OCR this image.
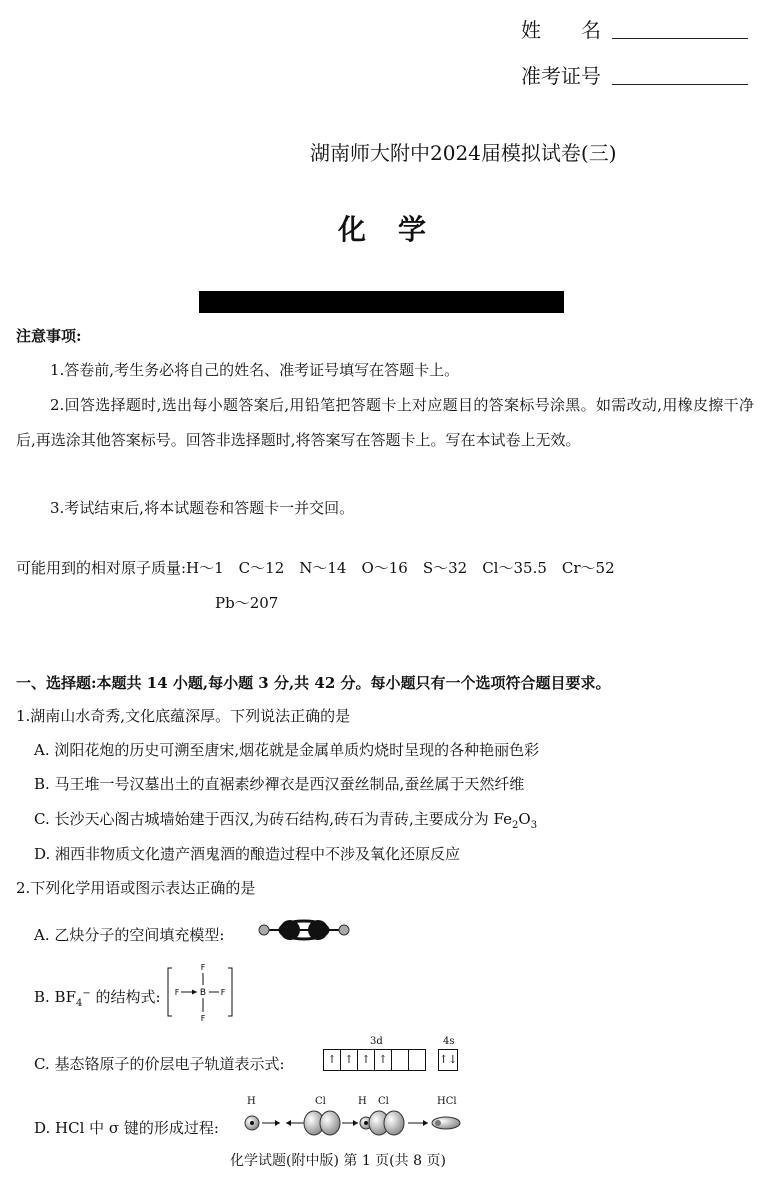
姓　　名
准考证号
湖南师大附中2024届模拟试卷(三)
化　学
注意事项:
1.答卷前,考生务必将自己的姓名、准考证号填写在答题卡上。
2.回答选择题时,选出每小题答案后,用铅笔把答题卡上对应题目的答案标号涂黑。如需改动,用橡皮擦干净后,再选涂其他答案标号。回答非选择题时,将答案写在答题卡上。写在本试卷上无效。
3.考试结束后,将本试题卷和答题卡一并交回。
可能用到的相对原子质量:H～1　C～12　N～14　O～16　S～32　Cl～35.5　Cr～52
Pb～207
一、选择题:本题共 14 小题,每小题 3 分,共 42 分。每小题只有一个选项符合题目要求。
1.湖南山水奇秀,文化底蕴深厚。下列说法正确的是
A. 浏阳花炮的历史可溯至唐宋,烟花就是金属单质灼烧时呈现的各种艳丽色彩
B. 马王堆一号汉墓出土的直裾素纱襌衣是西汉蚕丝制品,蚕丝属于天然纤维
C. 长沙天心阁古城墙始建于西汉,为砖石结构,砖石为青砖,主要成分为 $Fe_2O_3$
D. 湘西非物质文化遗产酒鬼酒的酿造过程中不涉及氧化还原反应
2.下列化学用语或图示表达正确的是
A. 乙炔分子的空间填充模型:
B. $BF_4^-$ 的结构式:
F
F
F	F
B
C. 基态铬原子的价层电子轨道表示式:
3d	4s
↑	↑	↑	↑			↑↓
D. HCl 中 σ 键的形成过程:
H	Cl	H Cl	HCl
化学试题(附中版) 第 1 页(共 8 页)
